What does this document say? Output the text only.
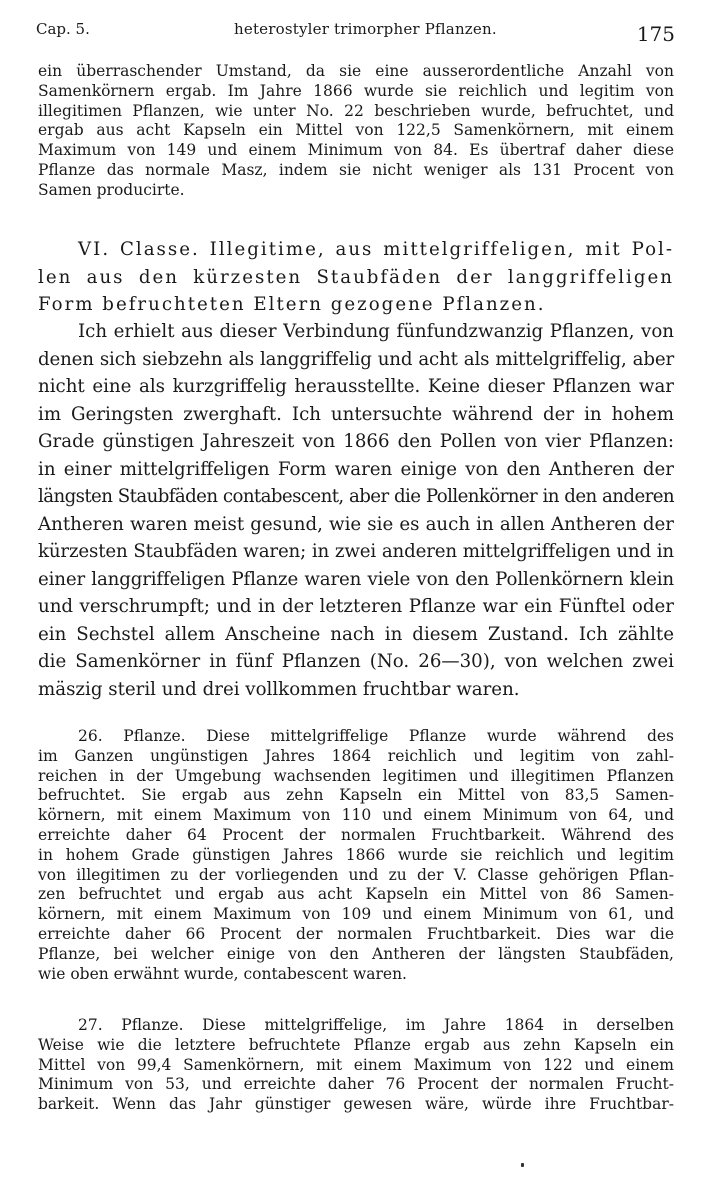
Cap. 5.	heterostyler trimorpher Pflanzen.	175
ein überraschender Umstand, da sie eine ausserordentliche Anzahl von
Samenkörnern ergab. Im Jahre 1866 wurde sie reichlich und legitim von
illegitimen Pflanzen, wie unter No. 22 beschrieben wurde, befruchtet, und
ergab aus acht Kapseln ein Mittel von 122,5 Samenkörnern, mit einem
Maximum von 149 und einem Minimum von 84. Es übertraf daher diese
Pflanze das normale Masz, indem sie nicht weniger als 131 Procent von
Samen producirte.
VI. Classe. Illegitime, aus mittelgriffeligen, mit Pol-
len aus den kürzesten Staubfäden der langgriffeligen
Form befruchteten Eltern gezogene Pflanzen.
Ich erhielt aus dieser Verbindung fünfundzwanzig Pflanzen, von
denen sich siebzehn als langgriffelig und acht als mittelgriffelig, aber
nicht eine als kurzgriffelig herausstellte. Keine dieser Pflanzen war
im Geringsten zwerghaft. Ich untersuchte während der in hohem
Grade günstigen Jahreszeit von 1866 den Pollen von vier Pflanzen:
in einer mittelgriffeligen Form waren einige von den Antheren der
längsten Staubfäden contabescent, aber die Pollenkörner in den anderen
Antheren waren meist gesund, wie sie es auch in allen Antheren der
kürzesten Staubfäden waren; in zwei anderen mittelgriffeligen und in
einer langgriffeligen Pflanze waren viele von den Pollenkörnern klein
und verschrumpft; und in der letzteren Pflanze war ein Fünftel oder
ein Sechstel allem Anscheine nach in diesem Zustand. Ich zählte
die Samenkörner in fünf Pflanzen (No. 26—30), von welchen zwei
mäszig steril und drei vollkommen fruchtbar waren.
26. Pflanze. Diese mittelgriffelige Pflanze wurde während des
im Ganzen ungünstigen Jahres 1864 reichlich und legitim von zahl-
reichen in der Umgebung wachsenden legitimen und illegitimen Pflanzen
befruchtet. Sie ergab aus zehn Kapseln ein Mittel von 83,5 Samen-
körnern, mit einem Maximum von 110 und einem Minimum von 64, und
erreichte daher 64 Procent der normalen Fruchtbarkeit. Während des
in hohem Grade günstigen Jahres 1866 wurde sie reichlich und legitim
von illegitimen zu der vorliegenden und zu der V. Classe gehörigen Pflan-
zen befruchtet und ergab aus acht Kapseln ein Mittel von 86 Samen-
körnern, mit einem Maximum von 109 und einem Minimum von 61, und
erreichte daher 66 Procent der normalen Fruchtbarkeit. Dies war die
Pflanze, bei welcher einige von den Antheren der längsten Staubfäden,
wie oben erwähnt wurde, contabescent waren.
27. Pflanze. Diese mittelgriffelige, im Jahre 1864 in derselben
Weise wie die letztere befruchtete Pflanze ergab aus zehn Kapseln ein
Mittel von 99,4 Samenkörnern, mit einem Maximum von 122 und einem
Minimum von 53, und erreichte daher 76 Procent der normalen Frucht-
barkeit. Wenn das Jahr günstiger gewesen wäre, würde ihre Fruchtbar-
